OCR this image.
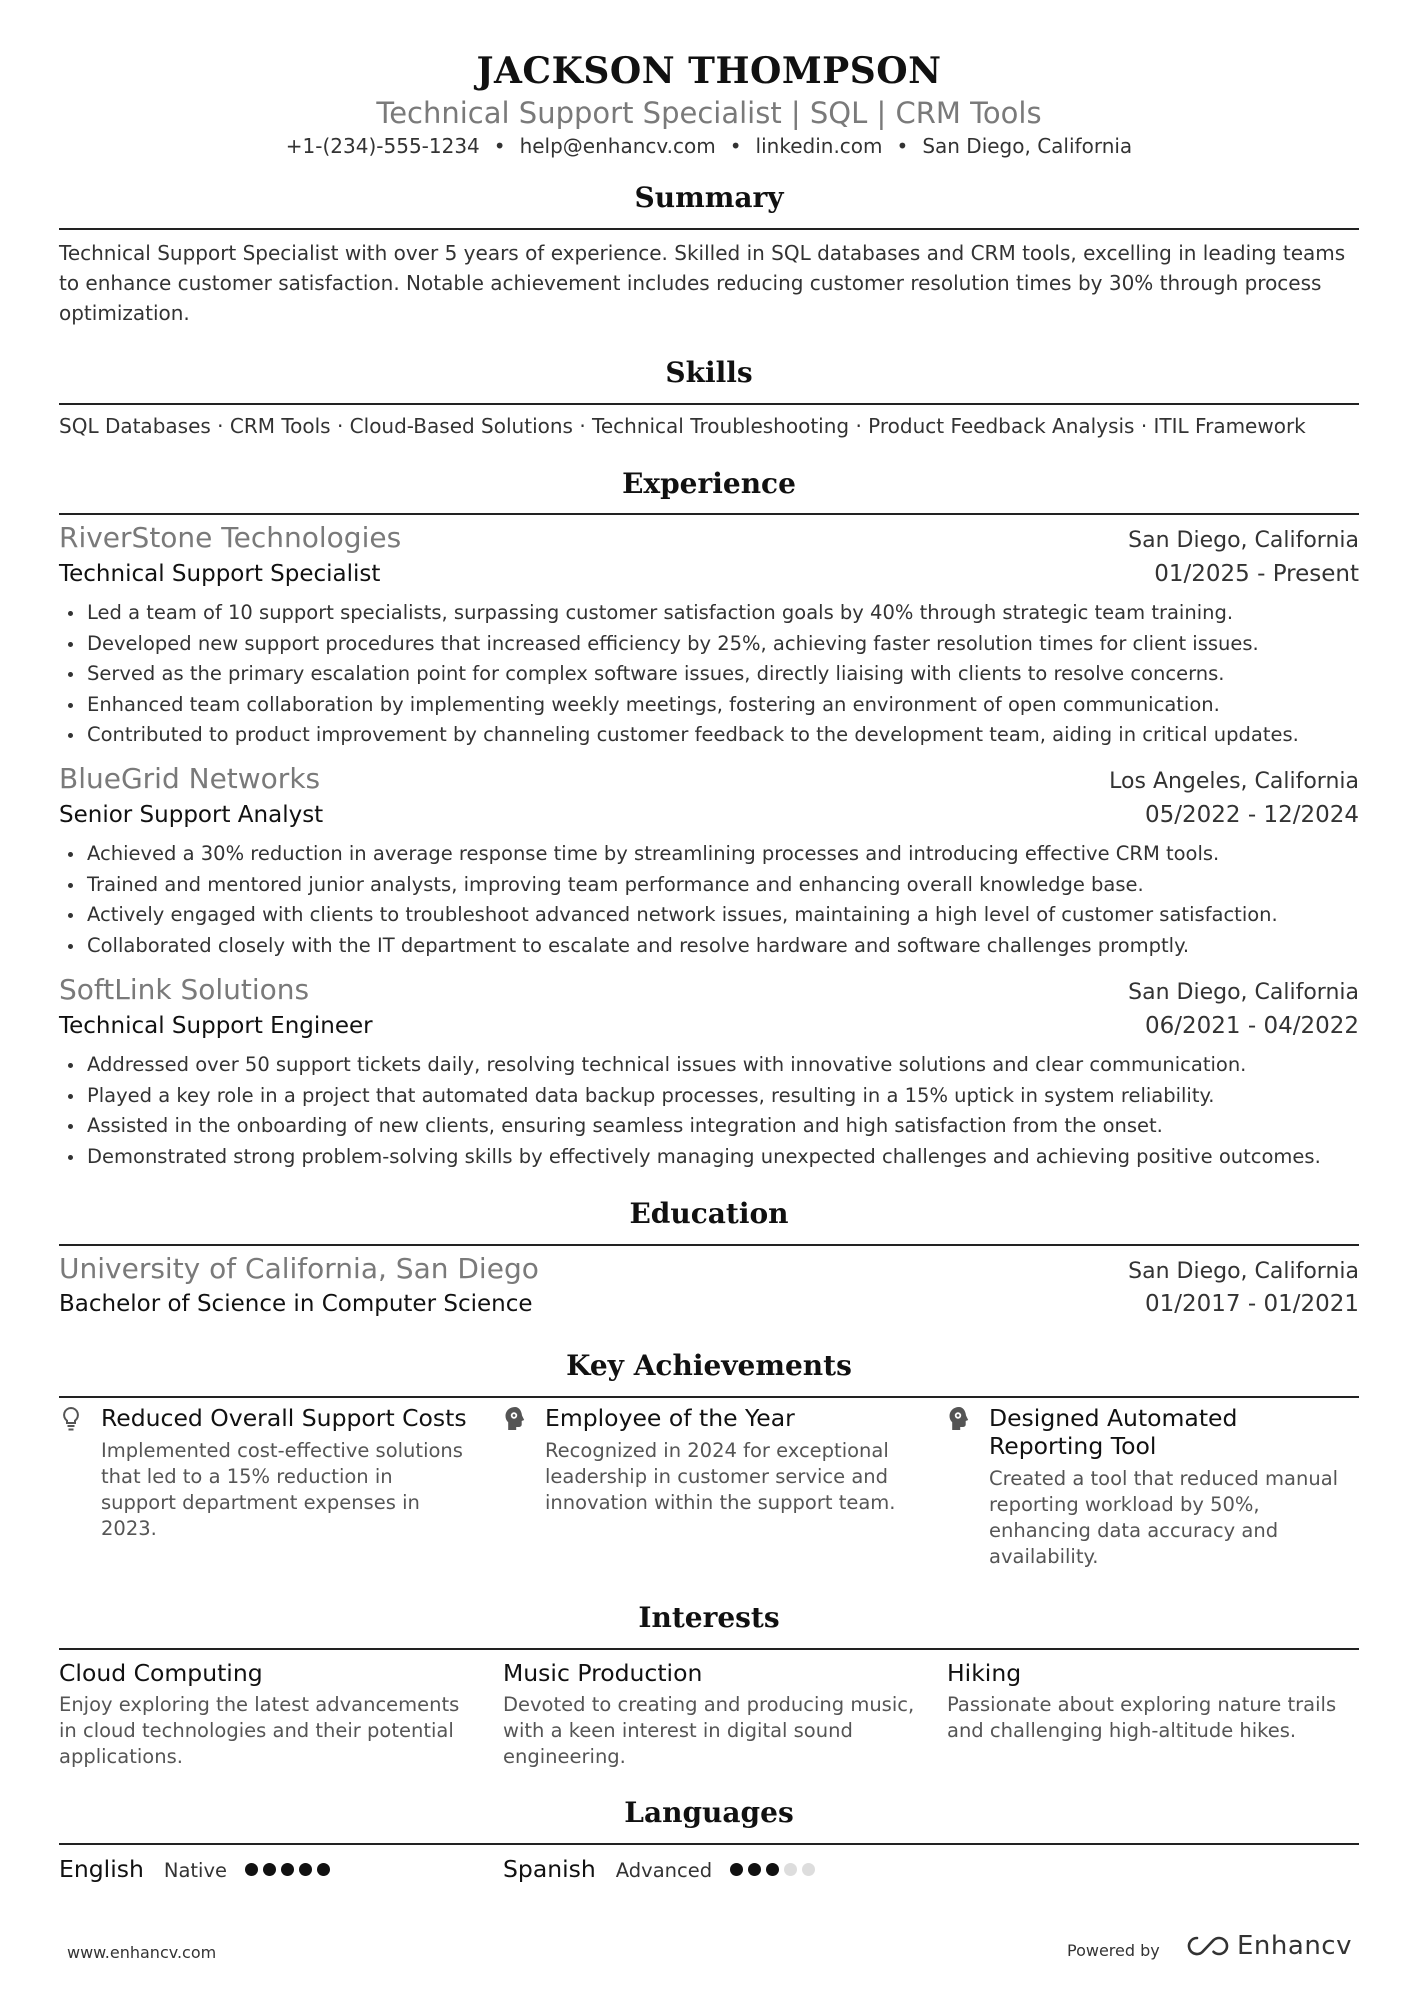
JACKSON THOMPSON
Technical Support Specialist | SQL | CRM Tools
+1-(234)-555-1234 • help@enhancv.com • linkedin.com • San Diego, California
Summary
Technical Support Specialist with over 5 years of experience. Skilled in SQL databases and CRM tools, excelling in leading teams to enhance customer satisfaction. Notable achievement includes reducing customer resolution times by 30% through process optimization.
Skills
SQL Databases · CRM Tools · Cloud-Based Solutions · Technical Troubleshooting · Product Feedback Analysis · ITIL Framework
Experience
RiverStone Technologies	San Diego, California
Technical Support Specialist	01/2025 - Present
Led a team of 10 support specialists, surpassing customer satisfaction goals by 40% through strategic team training.
Developed new support procedures that increased efficiency by 25%, achieving faster resolution times for client issues.
Served as the primary escalation point for complex software issues, directly liaising with clients to resolve concerns.
Enhanced team collaboration by implementing weekly meetings, fostering an environment of open communication.
Contributed to product improvement by channeling customer feedback to the development team, aiding in critical updates.
BlueGrid Networks	Los Angeles, California
Senior Support Analyst	05/2022 - 12/2024
Achieved a 30% reduction in average response time by streamlining processes and introducing effective CRM tools.
Trained and mentored junior analysts, improving team performance and enhancing overall knowledge base.
Actively engaged with clients to troubleshoot advanced network issues, maintaining a high level of customer satisfaction.
Collaborated closely with the IT department to escalate and resolve hardware and software challenges promptly.
SoftLink Solutions	San Diego, California
Technical Support Engineer	06/2021 - 04/2022
Addressed over 50 support tickets daily, resolving technical issues with innovative solutions and clear communication.
Played a key role in a project that automated data backup processes, resulting in a 15% uptick in system reliability.
Assisted in the onboarding of new clients, ensuring seamless integration and high satisfaction from the onset.
Demonstrated strong problem-solving skills by effectively managing unexpected challenges and achieving positive outcomes.
Education
University of California, San Diego	San Diego, California
Bachelor of Science in Computer Science	01/2017 - 01/2021
Key Achievements
Reduced Overall Support Costs
Implemented cost-effective solutions that led to a 15% reduction in support department expenses in 2023.
Employee of the Year
Recognized in 2024 for exceptional leadership in customer service and innovation within the support team.
Designed Automated Reporting Tool
Created a tool that reduced manual reporting workload by 50%, enhancing data accuracy and availability.
Interests
Cloud Computing
Enjoy exploring the latest advancements in cloud technologies and their potential applications.
Music Production
Devoted to creating and producing music, with a keen interest in digital sound engineering.
Hiking
Passionate about exploring nature trails and challenging high-altitude hikes.
Languages
English Native	Spanish Advanced
www.enhancv.com	Powered by	Enhancv
